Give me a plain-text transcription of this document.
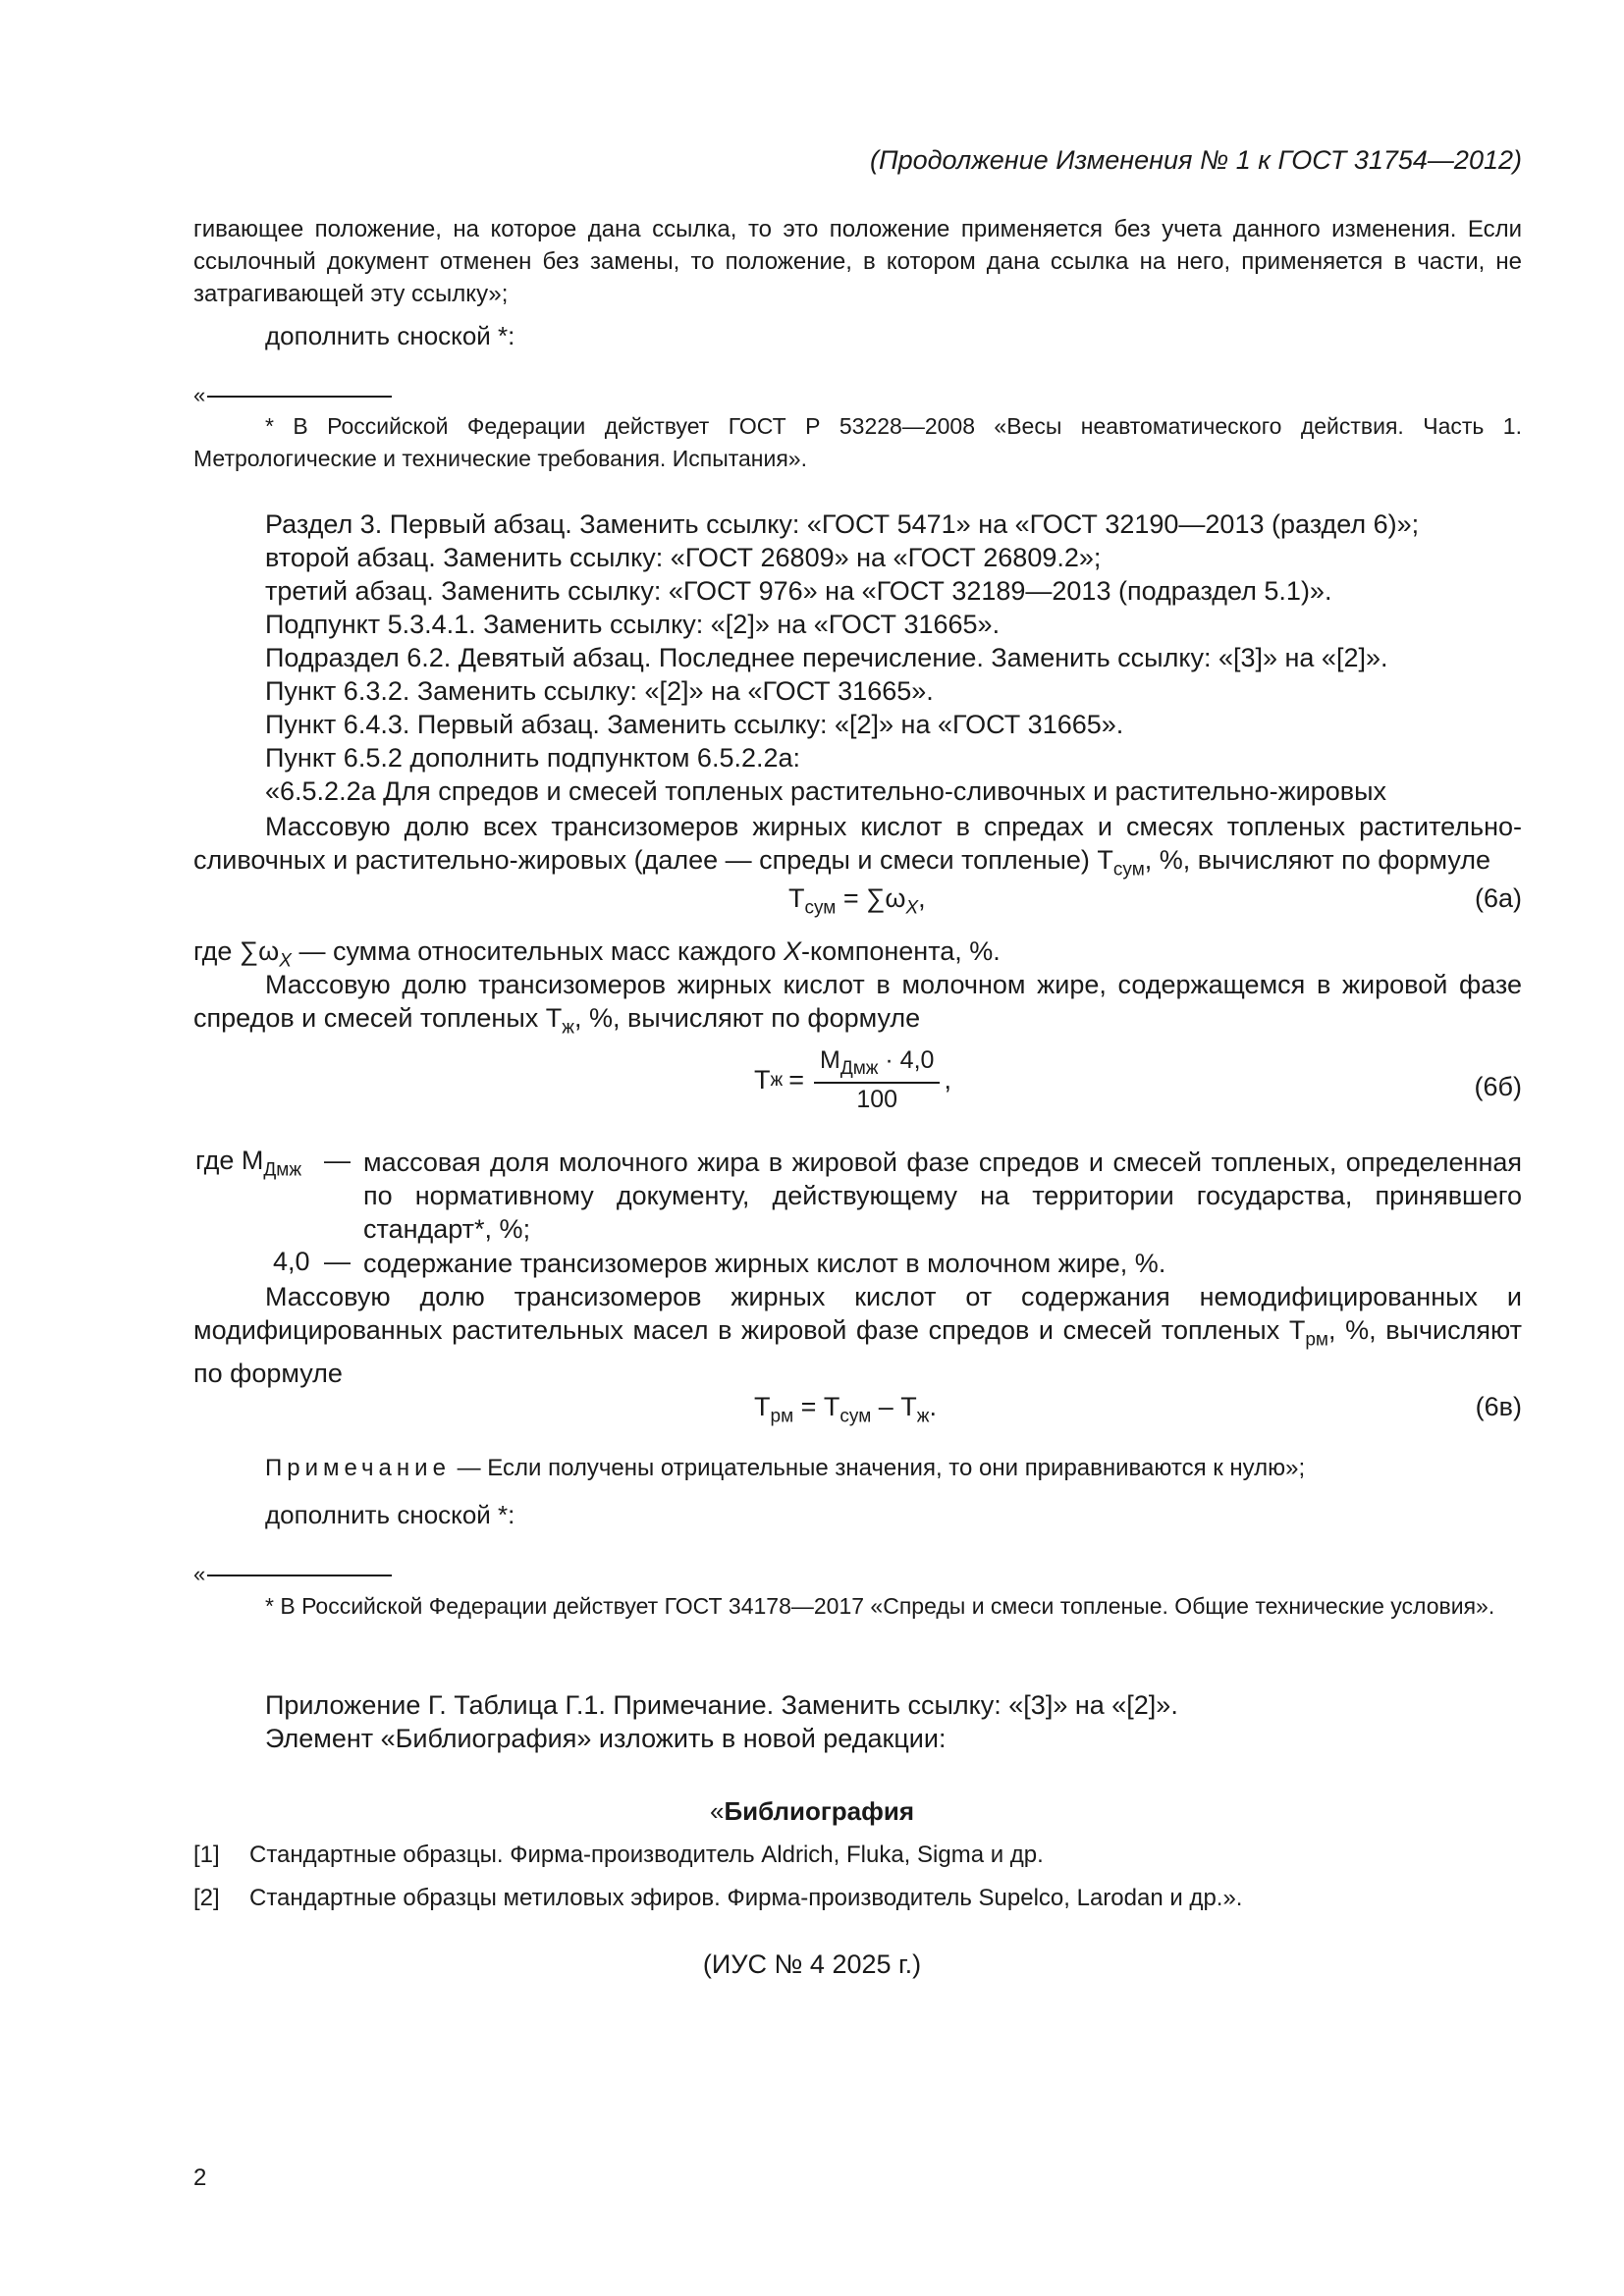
(Продолжение Изменения № 1 к ГОСТ 31754—2012)
гивающее положение, на которое дана ссылка, то это положение применяется без учета данного изменения. Если ссылочный документ отменен без замены, то положение, в котором дана ссылка на него, применяется в части, не затрагивающей эту ссылку»;
дополнить сноской *:
«
* В Российской Федерации действует ГОСТ Р 53228—2008 «Весы неавтоматического действия. Часть 1. Метрологические и технические требования. Испытания».
Раздел 3. Первый абзац. Заменить ссылку: «ГОСТ 5471» на «ГОСТ 32190—2013 (раздел 6)»;
второй абзац. Заменить ссылку: «ГОСТ 26809» на «ГОСТ 26809.2»;
третий абзац. Заменить ссылку: «ГОСТ 976» на «ГОСТ 32189—2013 (подраздел 5.1)».
Подпункт 5.3.4.1. Заменить ссылку: «[2]» на «ГОСТ 31665».
Подраздел 6.2. Девятый абзац. Последнее перечисление. Заменить ссылку: «[3]» на «[2]».
Пункт 6.3.2. Заменить ссылку: «[2]» на «ГОСТ 31665».
Пункт 6.4.3. Первый абзац. Заменить ссылку: «[2]» на «ГОСТ 31665».
Пункт 6.5.2 дополнить подпунктом 6.5.2.2а:
«6.5.2.2а Для спредов и смесей топленых растительно-сливочных и растительно-жировых
Массовую долю всех трансизомеров жирных кислот в спредах и смесях топленых растительно-сливочных и растительно-жировых (далее — спреды и смеси топленые) $Т_{сум}$, %, вычисляют по формуле
$Т_{сум} = \sum\omega_X$,	(6а)
где $\sum\omega_X$ — сумма относительных масс каждого X-компонента, %.
Массовую долю трансизомеров жирных кислот в молочном жире, содержащемся в жировой фазе спредов и смесей топленых $Т_ж$, %, вычисляют по формуле
Т $ж = \frac{М_{Дмж} \cdot 4,0}{100}$ ,	(6б)
где $М_{Дмж}$ — массовая доля молочного жира в жировой фазе спредов и смесей топленых, определенная по нормативному документу, действующему на территории государства, принявшего стандарт*, %;
4,0 — содержание трансизомеров жирных кислот в молочном жире, %.
Массовую долю трансизомеров жирных кислот от содержания немодифицированных и модифицированных растительных масел в жировой фазе спредов и смесей топленых $Т_{рм}$, %, вычисляют по формуле
$Т_{рм} = Т_{сум} - Т_ж$.	(6в)
Примечание — Если получены отрицательные значения, то они приравниваются к нулю»;
дополнить сноской *:
«
* В Российской Федерации действует ГОСТ 34178—2017 «Спреды и смеси топленые. Общие технические условия».
Приложение Г. Таблица Г.1. Примечание. Заменить ссылку: «[3]» на «[2]».
Элемент «Библиография» изложить в новой редакции:
«Библиография
[1] Стандартные образцы. Фирма-производитель Aldrich, Fluka, Sigma и др.
[2] Стандартные образцы метиловых эфиров. Фирма-производитель Supelco, Larodan и др.».
(ИУС № 4 2025 г.)
2
